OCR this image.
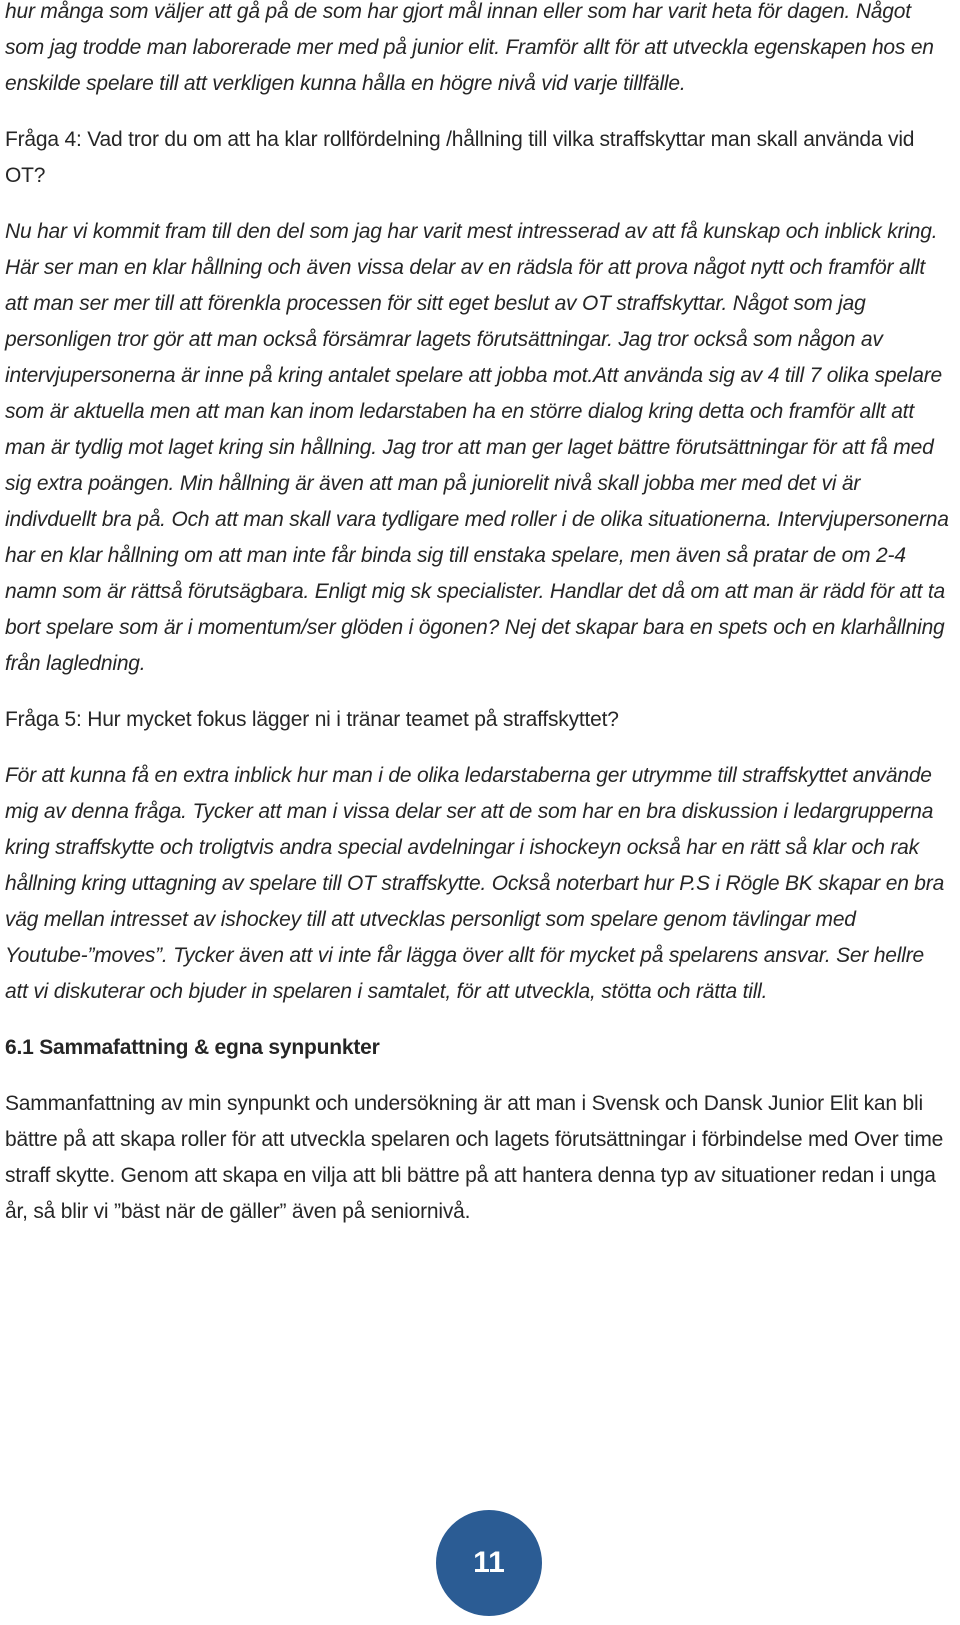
hur många som väljer att gå på de som har gjort mål innan eller som har varit heta för dagen. Något som jag trodde man laborerade mer med på junior elit. Framför allt för att utveckla egenskapen hos en enskilde spelare till att verkligen kunna hålla en högre nivå vid varje tillfälle.

Fråga 4: Vad tror du om att ha klar rollfördelning /hållning till vilka straffskyttar man skall använda vid OT?

Nu har vi kommit fram till den del som jag har varit mest intresserad av att få kunskap och inblick kring. Här ser man en klar hållning och även vissa delar av en rädsla för att prova något nytt och framför allt att man ser mer till att förenkla processen för sitt eget beslut av OT straffskyttar. Något som jag personligen tror gör att man också försämrar lagets förutsättningar. Jag tror också som någon av intervjupersonerna är inne på kring antalet spelare att jobba mot.Att använda sig av 4 till 7 olika spelare som är aktuella men att man kan inom ledarstaben ha en större dialog kring detta och framför allt att man är tydlig mot laget kring sin hållning. Jag tror att man ger laget bättre förutsättningar för att få med sig extra poängen. Min hållning är även att man på juniorelit nivå skall jobba mer med det vi är indivduellt bra på. Och att man skall vara tydligare med roller i de olika situationerna. Intervjupersonerna har en klar hållning om att man inte får binda sig till enstaka spelare, men även så pratar de om 2-4 namn som är rättså förutsägbara. Enligt mig sk specialister. Handlar det då om att man är rädd för att ta bort spelare som är i momentum/ser glöden i ögonen? Nej det skapar bara en spets och en klarhållning från lagledning.

Fråga 5: Hur mycket fokus lägger ni i tränar teamet på straffskyttet?

För att kunna få en extra inblick hur man i de olika ledarstaberna ger utrymme till straffskyttet använde mig av denna fråga. Tycker att man i vissa delar ser att de som har en bra diskussion i ledargrupperna kring straffskytte och troligtvis andra special avdelningar i ishockeyn också har en rätt så klar och rak hållning kring uttagning av spelare till OT straffskytte. Också noterbart hur P.S i Rögle BK skapar en bra väg mellan intresset av ishockey till att utvecklas personligt som spelare genom tävlingar med Youtube-”moves”. Tycker även att vi inte får lägga över allt för mycket på spelarens ansvar. Ser hellre att vi diskuterar och bjuder in spelaren i samtalet, för att utveckla, stötta och rätta till.

6.1 Sammafattning & egna synpunkter

Sammanfattning av min synpunkt och undersökning är att man i Svensk och Dansk Junior Elit kan bli bättre på att skapa roller för att utveckla spelaren och lagets förutsättningar i förbindelse med Over time straff skytte. Genom att skapa en vilja att bli bättre på att hantera denna typ av situationer redan i unga år, så blir vi ”bäst när de gäller” även på seniornivå.

11
